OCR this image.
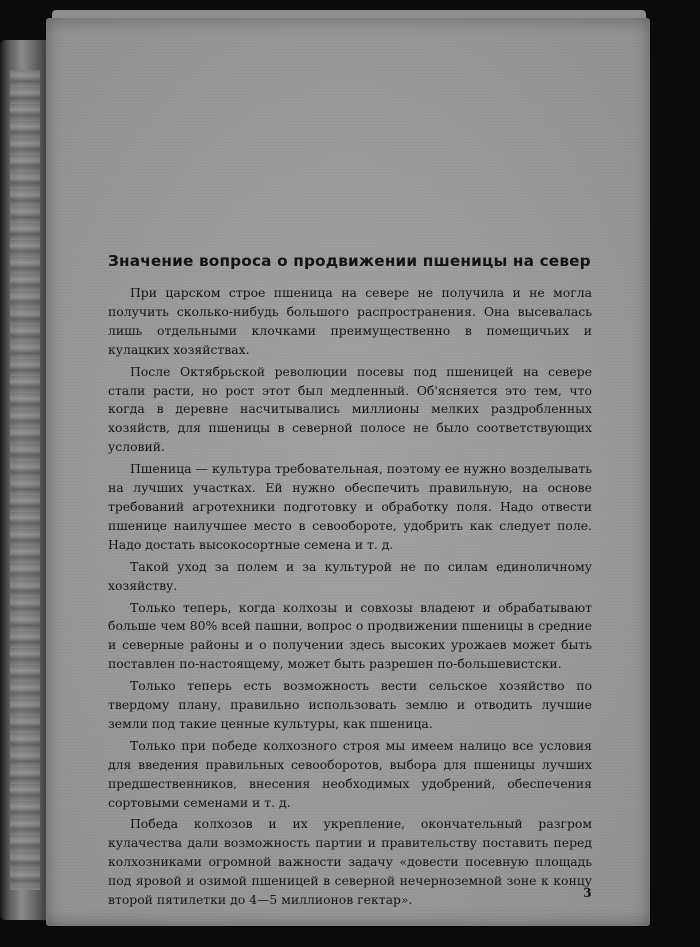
Значение вопроса о продвижении пшеницы на север

При царском строе пшеница на севере не получила и не могла получить сколько-нибудь большого распространения. Она высевалась лишь отдельными клочками преимущественно в помещичьих и кулацких хозяйствах.

После Октябрьской революции посевы под пшеницей на севере стали расти, но рост этот был медленный. Об'ясняется это тем, что когда в деревне насчитывались миллионы мелких раздробленных хозяйств, для пшеницы в северной полосе не было соответствующих условий.

Пшеница — культура требовательная, поэтому ее нужно возделывать на лучших участках. Ей нужно обеспечить правильную, на основе требований агротехники подготовку и обработку поля. Надо отвести пшенице наилучшее место в севообороте, удобрить как следует поле. Надо достать высокосортные семена и т. д.

Такой уход за полем и за культурой не по силам единоличному хозяйству.

Только теперь, когда колхозы и совхозы владеют и обрабатывают больше чем 80% всей пашни, вопрос о продвижении пшеницы в средние и северные районы и о получении здесь высоких урожаев может быть поставлен по-настоящему, может быть разрешен по-большевистски.

Только теперь есть возможность вести сельское хозяйство по твердому плану, правильно использовать землю и отводить лучшие земли под такие ценные культуры, как пшеница.

Только при победе колхозного строя мы имеем налицо все условия для введения правильных севооборотов, выбора для пшеницы лучших предшественников, внесения необходимых удобрений, обеспечения сортовыми семенами и т. д.

Победа колхозов и их укрепление, окончательный разгром кулачества дали возможность партии и правительству поставить перед колхозниками огромной важности задачу «довести посевную площадь под яровой и озимой пшеницей в северной нечерноземной зоне к концу второй пятилетки до 4—5 миллионов гектар».	3
